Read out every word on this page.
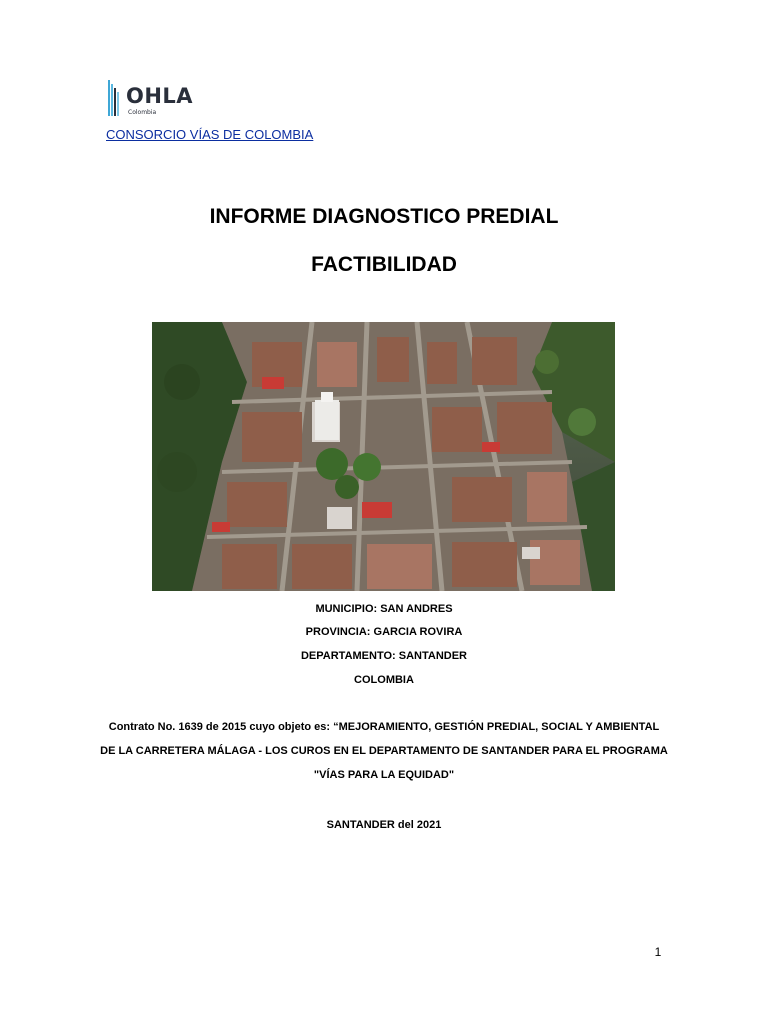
OHLA
Colombia
CONSORCIO VÍAS DE COLOMBIA
INFORME DIAGNOSTICO PREDIAL
FACTIBILIDAD
MUNICIPIO: SAN ANDRES
PROVINCIA: GARCIA ROVIRA
DEPARTAMENTO: SANTANDER
COLOMBIA
Contrato No. 1639 de 2015 cuyo objeto es: “MEJORAMIENTO, GESTIÓN PREDIAL, SOCIAL Y AMBIENTAL
DE LA CARRETERA MÁLAGA - LOS CUROS EN EL DEPARTAMENTO DE SANTANDER PARA EL PROGRAMA
"VÍAS PARA LA EQUIDAD"
SANTANDER del 2021
1
